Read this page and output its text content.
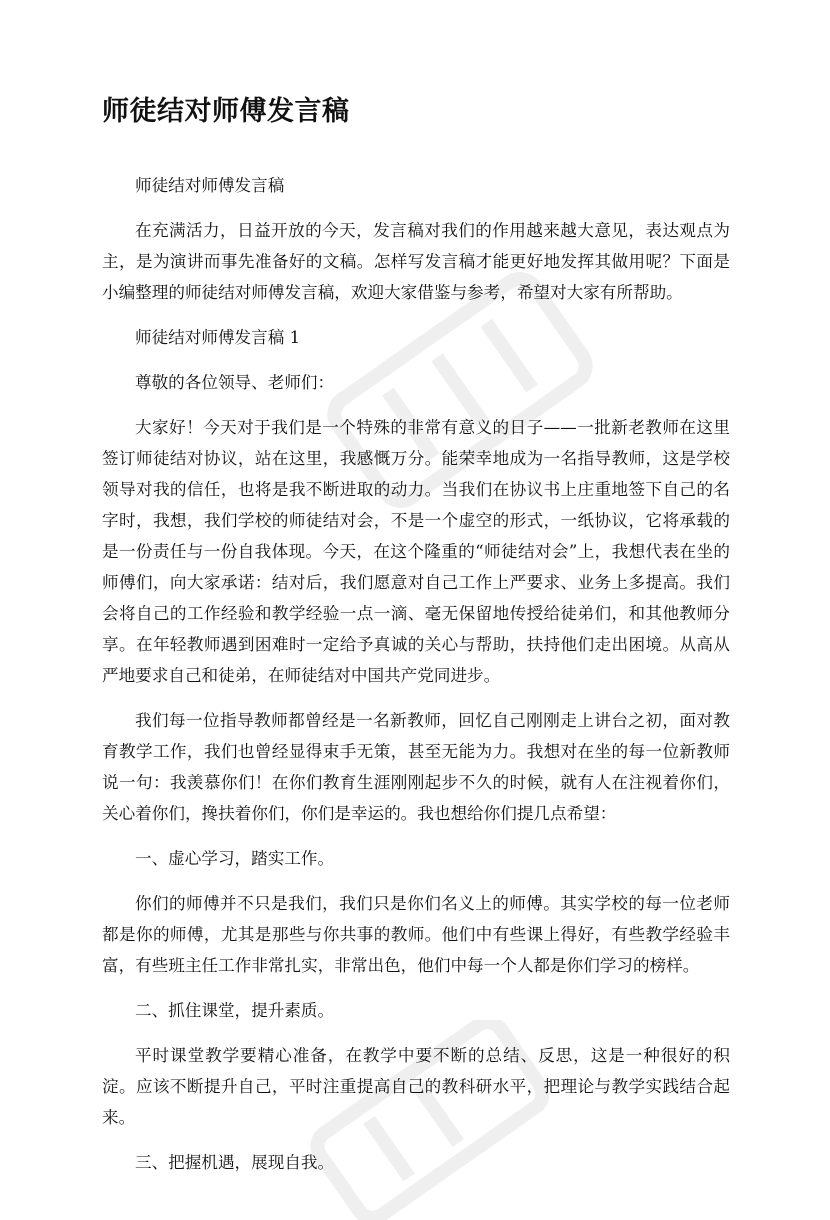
师徒结对师傅发言稿

师徒结对师傅发言稿

在充满活力，日益开放的今天，发言稿对我们的作用越来越大意见，表达观点为主，是为演讲而事先准备好的文稿。怎样写发言稿才能更好地发挥其做用呢？下面是小编整理的师徒结对师傅发言稿，欢迎大家借鉴与参考，希望对大家有所帮助。

师徒结对师傅发言稿 1

尊敬的各位领导、老师们：

大家好！今天对于我们是一个特殊的非常有意义的日子——一批新老教师在这里签订师徒结对协议，站在这里，我感慨万分。能荣幸地成为一名指导教师，这是学校领导对我的信任，也将是我不断进取的动力。当我们在协议书上庄重地签下自己的名字时，我想，我们学校的师徒结对会，不是一个虚空的形式，一纸协议，它将承载的是一份责任与一份自我体现。今天，在这个隆重的“师徒结对会”上，我想代表在坐的师傅们，向大家承诺：结对后，我们愿意对自己工作上严要求、业务上多提高。我们会将自己的工作经验和教学经验一点一滴、毫无保留地传授给徒弟们，和其他教师分享。在年轻教师遇到困难时一定给予真诚的关心与帮助，扶持他们走出困境。从高从严地要求自己和徒弟，在师徒结对中国共产党同进步。

我们每一位指导教师都曾经是一名新教师，回忆自己刚刚走上讲台之初，面对教育教学工作，我们也曾经显得束手无策，甚至无能为力。我想对在坐的每一位新教师说一句：我羡慕你们！在你们教育生涯刚刚起步不久的时候，就有人在注视着你们，关心着你们，搀扶着你们，你们是幸运的。我也想给你们提几点希望：

一、虚心学习，踏实工作。

你们的师傅并不只是我们，我们只是你们名义上的师傅。其实学校的每一位老师都是你的师傅，尤其是那些与你共事的教师。他们中有些课上得好，有些教学经验丰富，有些班主任工作非常扎实，非常出色，他们中每一个人都是你们学习的榜样。

二、抓住课堂，提升素质。

平时课堂教学要精心准备，在教学中要不断的总结、反思，这是一种很好的积淀。应该不断提升自己，平时注重提高自己的教科研水平，把理论与教学实践结合起来。

三、把握机遇，展现自我。
